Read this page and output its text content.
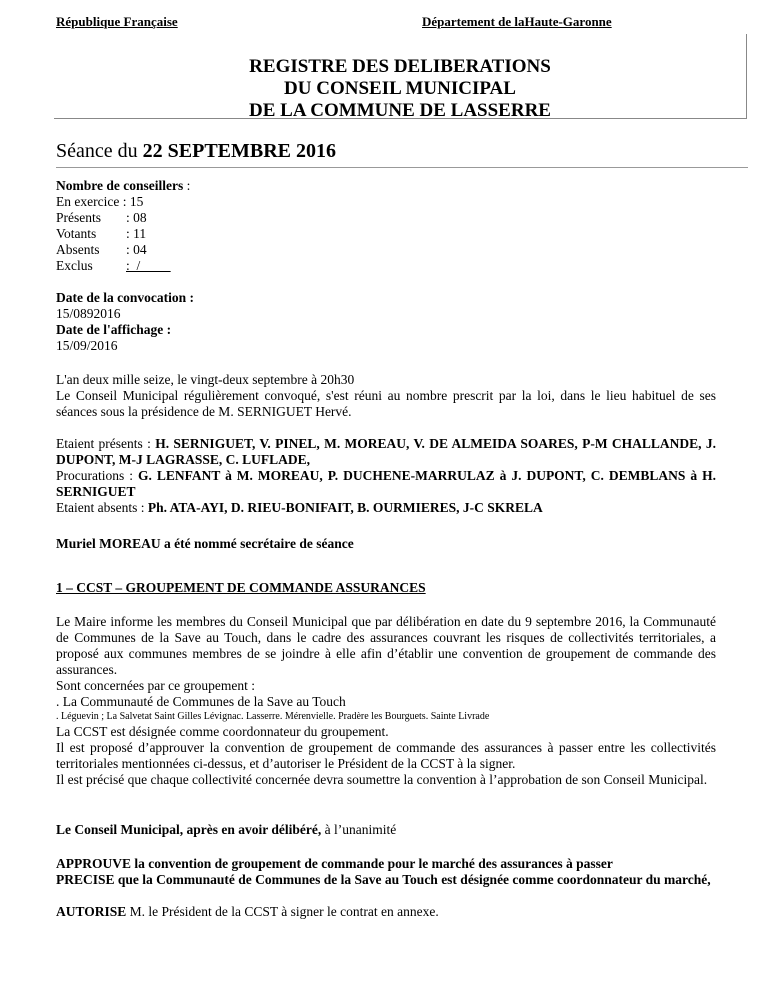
République Française	Département de laHaute-Garonne
REGISTRE DES DELIBERATIONS
DU CONSEIL MUNICIPAL
DE LA COMMUNE DE LASSERRE
Séance du 22 SEPTEMBRE 2016
Nombre de conseillers :
En exercice : 15
Présents : 08
Votants : 11
Absents : 04
Exclus :  /
Date de la convocation :
15/0892016
Date de l'affichage :
15/09/2016
L'an deux mille seize, le vingt-deux septembre à 20h30
Le Conseil Municipal régulièrement convoqué, s'est réuni au nombre prescrit par la loi, dans le lieu habituel de ses séances sous la présidence de M. SERNIGUET Hervé.
Etaient présents : H. SERNIGUET, V. PINEL, M. MOREAU, V. DE ALMEIDA SOARES, P-M CHALLANDE, J. DUPONT, M-J LAGRASSE, C. LUFLADE,
Procurations : G. LENFANT à M. MOREAU, P. DUCHENE-MARRULAZ à J. DUPONT, C. DEMBLANS à H. SERNIGUET
Etaient absents : Ph. ATA-AYI, D. RIEU-BONIFAIT, B. OURMIERES, J-C SKRELA
Muriel MOREAU a été nommé secrétaire de séance
1 – CCST – GROUPEMENT DE COMMANDE ASSURANCES
Le Maire informe les membres du Conseil Municipal que par délibération en date du 9 septembre 2016, la Communauté de Communes de la Save au Touch, dans le cadre des assurances couvrant les risques de collectivités territoriales, a proposé aux communes membres de se joindre à elle afin d’établir une convention de groupement de commande des assurances.
Sont concernées par ce groupement :
. La Communauté de Communes de la Save au Touch
. Léguevin ; La Salvetat Saint Gilles Lévignac. Lasserre. Mérenvielle. Pradère les Bourguets. Sainte Livrade
La CCST est désignée comme coordonnateur du groupement.
Il est proposé d’approuver la convention de groupement de commande des assurances à passer entre les collectivités territoriales mentionnées ci-dessus, et d’autoriser le Président de la CCST à la signer.
Il est précisé que chaque collectivité concernée devra soumettre la convention à l’approbation de son Conseil Municipal.
Le Conseil Municipal, après en avoir délibéré, à l’unanimité
APPROUVE la convention de groupement de commande pour le marché des assurances à passer
PRECISE que la Communauté de Communes de la Save au Touch est désignée comme coordonnateur du marché,
AUTORISE M. le Président de la CCST à signer le contrat en annexe.
